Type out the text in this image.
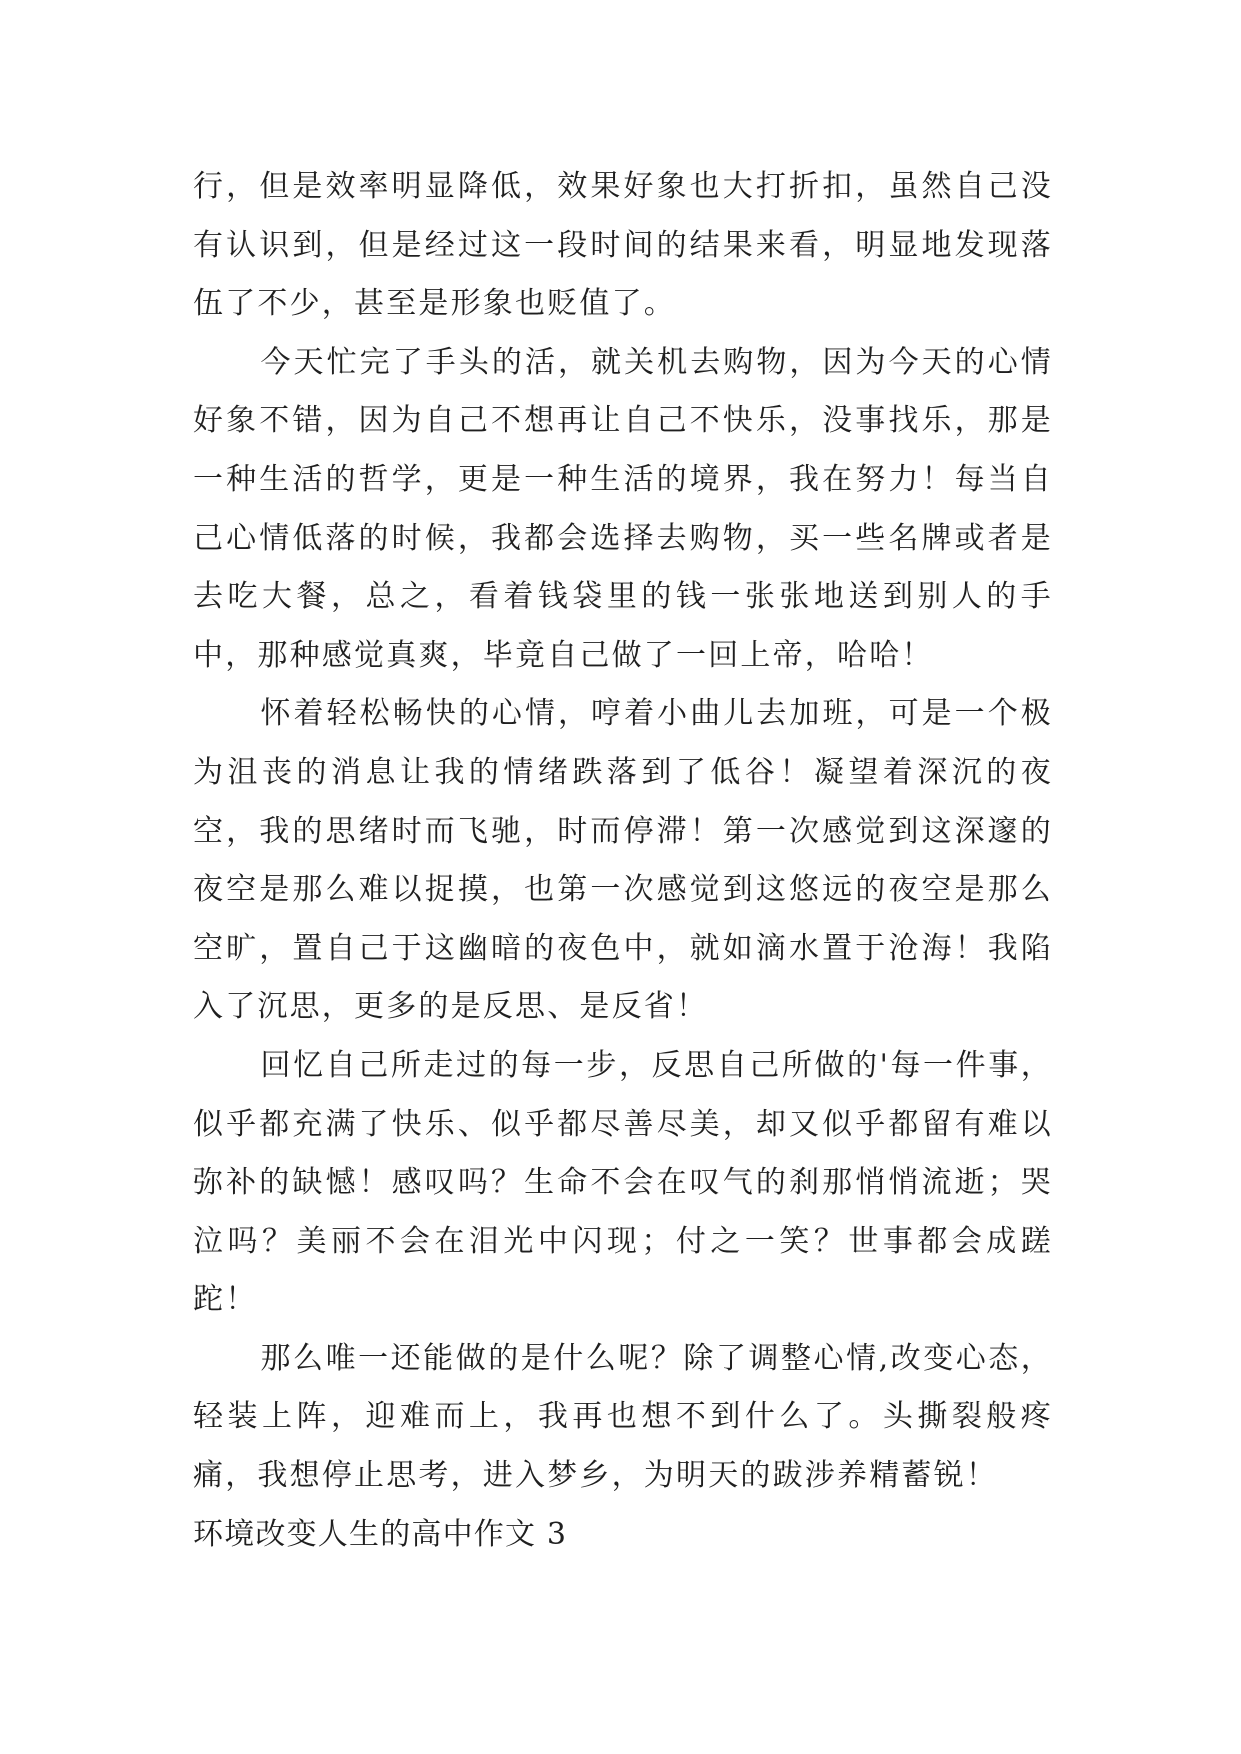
行，但是效率明显降低，效果好象也大打折扣，虽然自己没有认识到，但是经过这一段时间的结果来看，明显地发现落伍了不少，甚至是形象也贬值了。

今天忙完了手头的活，就关机去购物，因为今天的心情好象不错，因为自己不想再让自己不快乐，没事找乐，那是一种生活的哲学，更是一种生活的境界，我在努力！每当自己心情低落的时候，我都会选择去购物，买一些名牌或者是去吃大餐，总之，看着钱袋里的钱一张张地送到别人的手中，那种感觉真爽，毕竟自己做了一回上帝，哈哈！

怀着轻松畅快的心情，哼着小曲儿去加班，可是一个极为沮丧的消息让我的情绪跌落到了低谷！凝望着深沉的夜空，我的思绪时而飞驰，时而停滞！第一次感觉到这深邃的夜空是那么难以捉摸，也第一次感觉到这悠远的夜空是那么空旷，置自己于这幽暗的夜色中，就如滴水置于沧海！我陷入了沉思，更多的是反思、是反省！

回忆自己所走过的每一步，反思自己所做的'每一件事，似乎都充满了快乐、似乎都尽善尽美，却又似乎都留有难以弥补的缺憾！感叹吗？生命不会在叹气的刹那悄悄流逝；哭泣吗？美丽不会在泪光中闪现；付之一笑？世事都会成蹉跎！

那么唯一还能做的是什么呢？除了调整心情,改变心态，轻装上阵，迎难而上，我再也想不到什么了。头撕裂般疼痛，我想停止思考，进入梦乡，为明天的跋涉养精蓄锐！

环境改变人生的高中作文 3
